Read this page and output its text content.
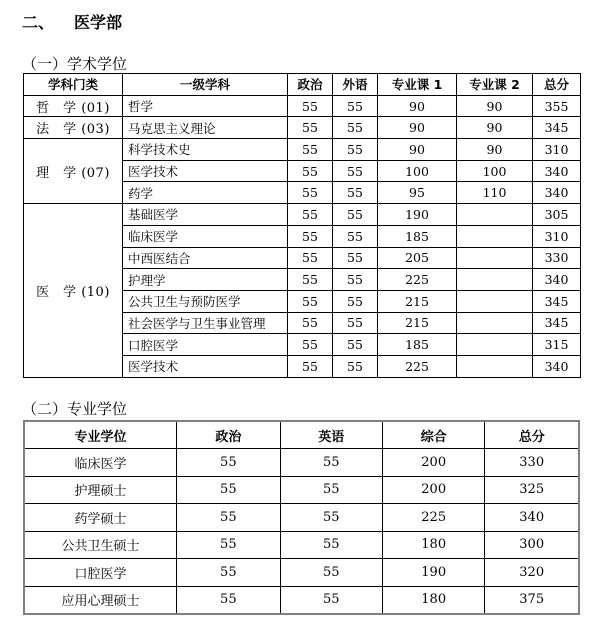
二、 医学部
（一）学术学位
学科门类	一级学科	政治	外语	专业课 1	专业课 2	总分
哲　学 (01)	哲学	55	55	90	90	355
法　学 (03)	马克思主义理论	55	55	90	90	345
理　学 (07)	科学技术史	55	55	90	90	310
	医学技术	55	55	100	100	340
	药学	55	55	95	110	340
医　学 (10)	基础医学	55	55	190		305
	临床医学	55	55	185		310
	中西医结合	55	55	205		330
	护理学	55	55	225		340
	公共卫生与预防医学	55	55	215		345
	社会医学与卫生事业管理	55	55	215		345
	口腔医学	55	55	185		315
	医学技术	55	55	225		340
（二）专业学位
专业学位	政治	英语	综合	总分
临床医学	55	55	200	330
护理硕士	55	55	200	325
药学硕士	55	55	225	340
公共卫生硕士	55	55	180	300
口腔医学	55	55	190	320
应用心理硕士	55	55	180	375
